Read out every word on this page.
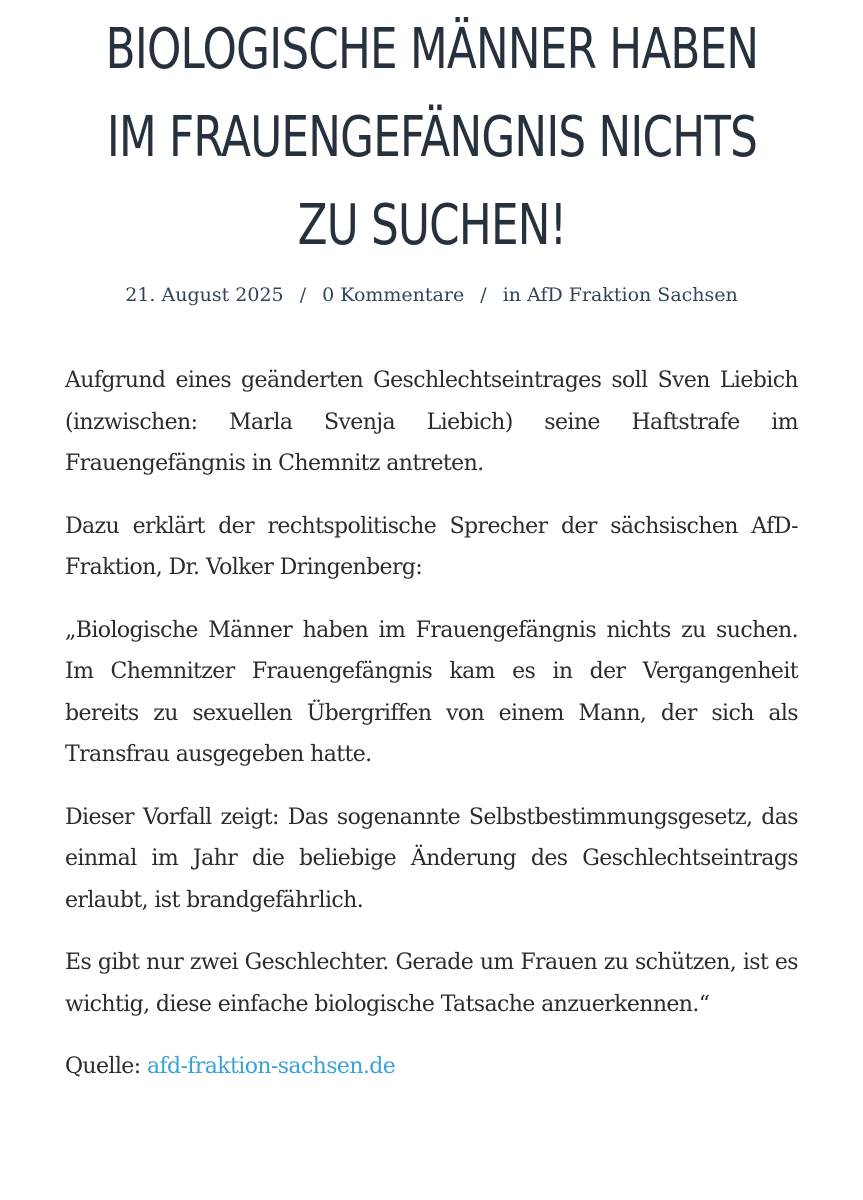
BIOLOGISCHE MÄNNER HABEN
IM FRAUENGEFÄNGNIS NICHTS
ZU SUCHEN!
21. August 2025 / 0 Kommentare / in AfD Fraktion Sachsen

Aufgrund eines geänderten Geschlechtseintrages soll Sven Liebich (inzwischen: Marla Svenja Liebich) seine Haftstrafe im Frauengefängnis in Chemnitz antreten.

Dazu erklärt der rechtspolitische Sprecher der sächsischen AfD-Fraktion, Dr. Volker Dringenberg:

„Biologische Männer haben im Frauengefängnis nichts zu suchen. Im Chemnitzer Frauengefängnis kam es in der Vergangenheit bereits zu sexuellen Übergriffen von einem Mann, der sich als Transfrau ausgegeben hatte.

Dieser Vorfall zeigt: Das sogenannte Selbstbestimmungsgesetz, das einmal im Jahr die beliebige Änderung des Geschlechtseintrags erlaubt, ist brandgefährlich.

Es gibt nur zwei Geschlechter. Gerade um Frauen zu schützen, ist es wichtig, diese einfache biologische Tatsache anzuerkennen.“

Quelle: afd-fraktion-sachsen.de
